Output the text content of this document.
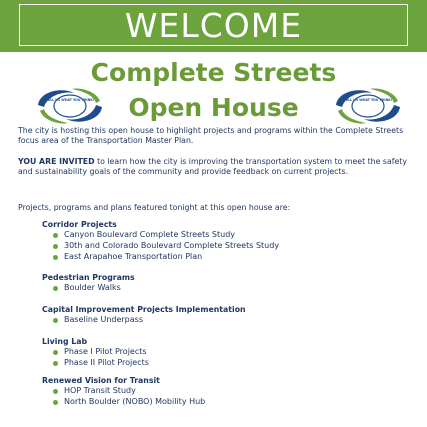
WELCOME
Complete Streets
Open House
TELL US WHAT YOU THINK!	TELL US WHAT YOU THINK!
The city is hosting this open house to highlight projects and programs within the Complete Streets focus area of the Transportation Master Plan.
YOU ARE INVITED to learn how the city is improving the transportation system to meet the safety and sustainability goals of the community and provide feedback on current projects.
Projects, programs and plans featured tonight at this open house are:
Corridor Projects
Canyon Boulevard Complete Streets Study
30th and Colorado Boulevard Complete Streets Study
East Arapahoe Transportation Plan
Pedestrian Programs
Boulder Walks
Capital Improvement Projects Implementation
Baseline Underpass
Living Lab
Phase I Pilot Projects
Phase II Pilot Projects
Renewed Vision for Transit
HOP Transit Study
North Boulder (NOBO) Mobility Hub
